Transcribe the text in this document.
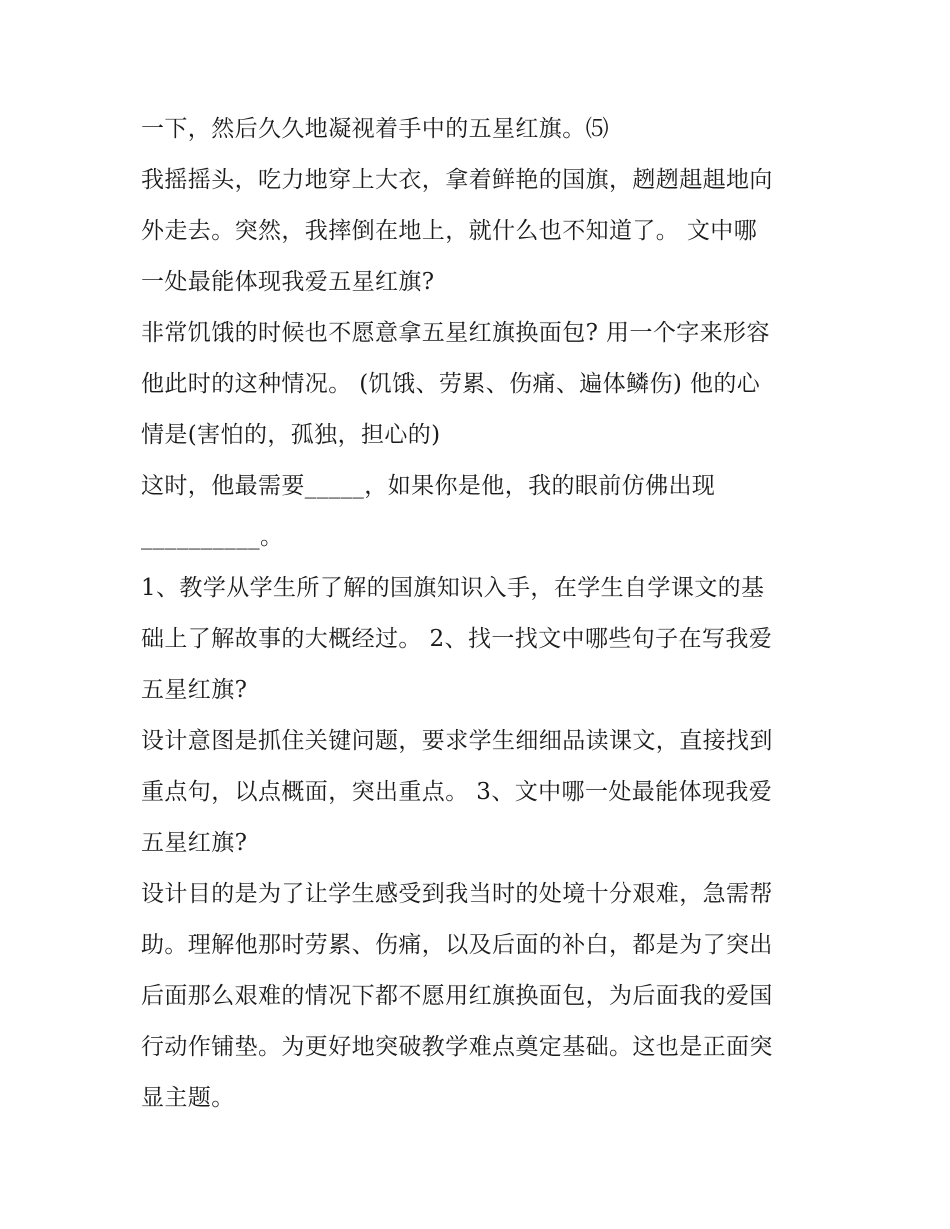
一下，然后久久地凝视着手中的五星红旗。⑸
我摇摇头，吃力地穿上大衣，拿着鲜艳的国旗，趔趔趄趄地向
外走去。突然，我摔倒在地上，就什么也不知道了。 文中哪
一处最能体现我爱五星红旗?
非常饥饿的时候也不愿意拿五星红旗换面包? 用一个字来形容
他此时的这种情况。 (饥饿、劳累、伤痛、遍体鳞伤) 他的心
情是(害怕的，孤独，担心的)
这时，他最需要_____，如果你是他，我的眼前仿佛出现
__________。
1、教学从学生所了解的国旗知识入手，在学生自学课文的基
础上了解故事的大概经过。 2、找一找文中哪些句子在写我爱
五星红旗?
设计意图是抓住关键问题，要求学生细细品读课文，直接找到
重点句，以点概面，突出重点。 3、文中哪一处最能体现我爱
五星红旗?
设计目的是为了让学生感受到我当时的处境十分艰难，急需帮
助。理解他那时劳累、伤痛，以及后面的补白，都是为了突出
后面那么艰难的情况下都不愿用红旗换面包，为后面我的爱国
行动作铺垫。为更好地突破教学难点奠定基础。这也是正面突
显主题。
